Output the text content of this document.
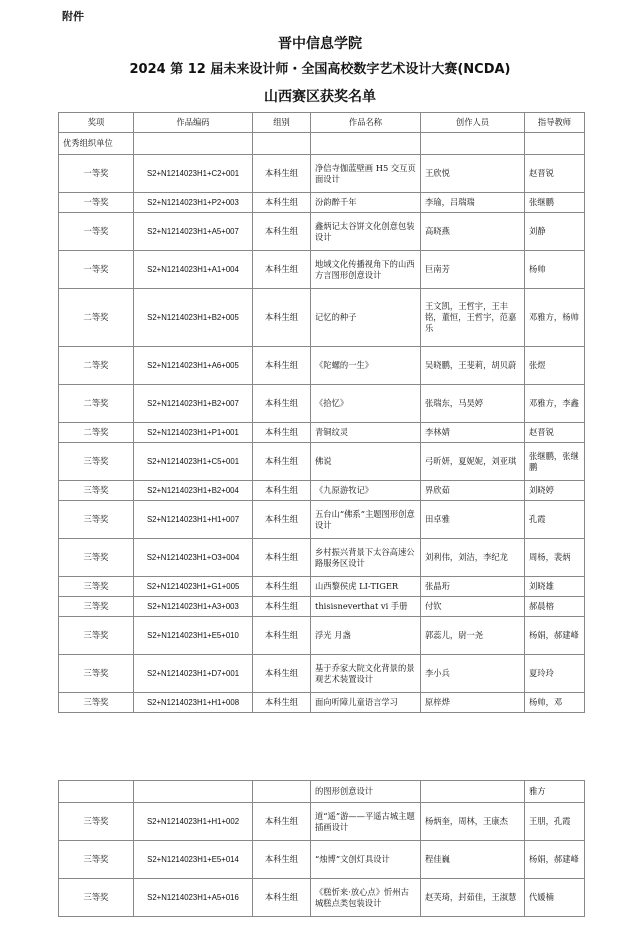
附件
晋中信息学院
2024 第 12 届未来设计师・全国高校数字艺术设计大赛(NCDA)
山西赛区获奖名单
奖项	作品编码	组别	作品名称	创作人员	指导教师
优秀组织单位					
一等奖	S2+N1214023H1+C2+001	本科生组	净信寺伽蓝壁画 H5 交互页面设计	王欣悦	赵晋锐
一等奖	S2+N1214023H1+P2+003	本科生组	汾韵醉千年	李瑜，吕瑞瑞	张继鹏
一等奖	S2+N1214023H1+A5+007	本科生组	鑫炳记太谷饼文化创意包装设计	高晓燕	刘静
一等奖	S2+N1214023H1+A1+004	本科生组	地域文化传播视角下的山西方言图形创意设计	巨南芳	杨帅
二等奖	S2+N1214023H1+B2+005	本科生组	记忆的种子	王文凯，王哲宇，王丰铭，董恒，王哲宇，范嘉乐	邓雅方，杨帅
二等奖	S2+N1214023H1+A6+005	本科生组	《陀螺的一生》	吴晓鹏，王斐莉，胡贝蔚	张煜
二等奖	S2+N1214023H1+B2+007	本科生组	《拾忆》	张瑞东，马昊婷	邓雅方，李鑫
二等奖	S2+N1214023H1+P1+001	本科生组	青铜纹灵	李林婧	赵晋锐
三等奖	S2+N1214023H1+C5+001	本科生组	佛说	弓昕妍，夏妮妮，刘亚琪	张继鹏，张继鹏
三等奖	S2+N1214023H1+B2+004	本科生组	《九原游牧记》	界欣茹	刘晓婷
三等奖	S2+N1214023H1+H1+007	本科生组	五台山“佛系”主题图形创意设计	田卓雅	孔霞
三等奖	S2+N1214023H1+O3+004	本科生组	乡村振兴背景下太谷高速公路服务区设计	刘利伟，刘洁，李纪龙	周杨，裴炳
三等奖	S2+N1214023H1+G1+005	本科生组	山西黎侯虎 LI-TIGER	张晶珩	刘晓雄
三等奖	S2+N1214023H1+A3+003	本科生组	thisisneverthat vi 手册	付钦	郝晨榕
三等奖	S2+N1214023H1+E5+010	本科生组	浮光 月盏	郭蕊儿，尉一尧	杨娟，郝建峰
三等奖	S2+N1214023H1+D7+001	本科生组	基于乔家大院文化背景的景观艺术装置设计	李小兵	夏玲玲
三等奖	S2+N1214023H1+H1+008	本科生组	面向听障儿童语言学习	原梓烨	杨帅，邓
			的图形创意设计		雅方
三等奖	S2+N1214023H1+H1+002	本科生组	道“遥”游——平遥古城主题插画设计	杨炳奎，周林，王康杰	王朋，孔霞
三等奖	S2+N1214023H1+E5+014	本科生组	“烛博”文创灯具设计	程佳巍	杨娟，郝建峰
三等奖	S2+N1214023H1+A5+016	本科生组	《糕忻来·放心点》忻州古城糕点类包装设计	赵芙琦，封茹佳，王淑慧	代媛楠
